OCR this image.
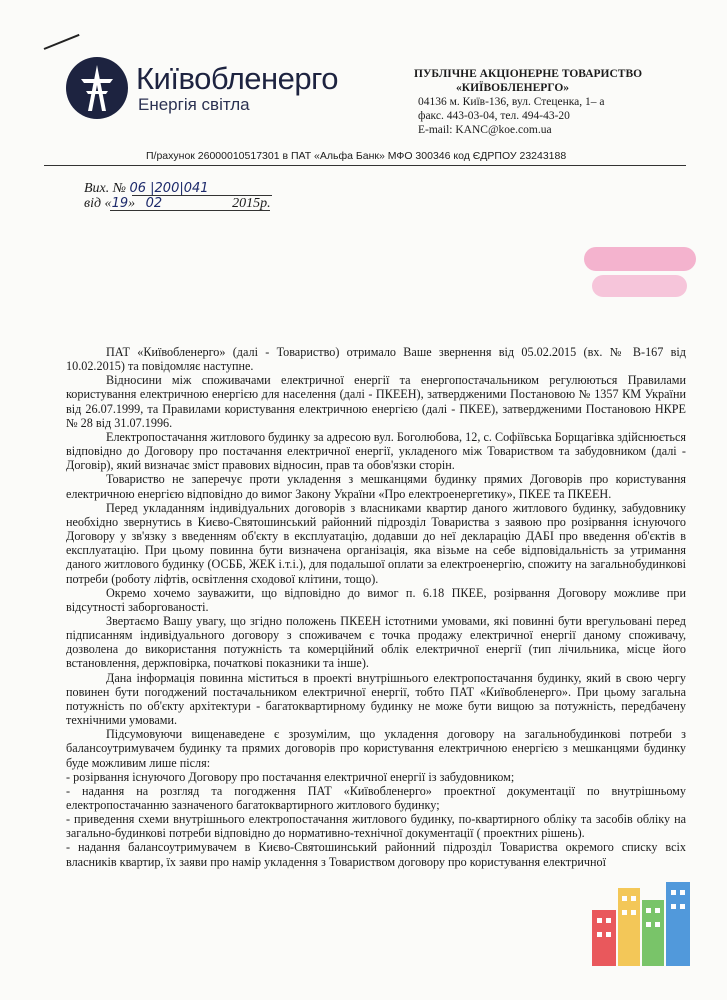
Київобленерго
Енергія світла
ПУБЛІЧНЕ АКЦІОНЕРНЕ ТОВАРИСТВО
«КИЇВОБЛЕНЕРГО»
04136 м. Київ-136, вул. Стеценка, 1– а
факс. 443-03-04, тел. 494-43-20
E-mail: KANC@koe.com.ua
П/рахунок 26000010517301 в ПАТ «Альфа Банк» МФО 300346 код ЄДРПОУ 23243188
Вих. № 06 |200|041
від «19» 02	2015р.

ПАТ «Київобленерго» (далі - Товариство) отримало Ваше звернення від 05.02.2015 (вх. № В-167 від 10.02.2015) та повідомляє наступне.

Відносини між споживачами електричної енергії та енергопостачальником регулюються Правилами користування електричною енергією для населення (далі - ПКЕЕН), затвердженими Постановою № 1357 КМ України від 26.07.1999, та Правилами користування електричною енергією (далі - ПКЕЕ), затвердженими Постановою НКРЕ № 28 від 31.07.1996.

Електропостачання житлового будинку за адресою вул. Боголюбова, 12, с. Софіївська Борщагівка здійснюється відповідно до Договору про постачання електричної енергії, укладеного між Товариством та забудовником (далі - Договір), який визначає зміст правових відносин, прав та обов'язки сторін.

Товариство не заперечує проти укладення з мешканцями будинку прямих Договорів про користування електричною енергією відповідно до вимог Закону України «Про електроенергетику», ПКЕЕ та ПКЕЕН.

Перед укладанням індивідуальних договорів з власниками квартир даного житлового будинку, забудовнику необхідно звернутись в Києво-Святошинський районний підрозділ Товариства з заявою про розірвання існуючого Договору у зв'язку з введенням об'єкту в експлуатацію, додавши до неї декларацію ДАБІ про введення об'єктів в експлуатацію. При цьому повинна бути визначена організація, яка візьме на себе відповідальність за утримання даного житлового будинку (ОСББ, ЖЕК і.т.і.), для подальшої оплати за електроенергію, спожиту на загальнобудинкові потреби (роботу ліфтів, освітлення сходової клітини, тощо).

Окремо хочемо зауважити, що відповідно до вимог п. 6.18 ПКЕЕ, розірвання Договору можливе при відсутності заборгованості.

Звертаємо Вашу увагу, що згідно положень ПКЕЕН істотними умовами, які повинні бути врегульовані перед підписанням індивідуального договору з споживачем є точка продажу електричної енергії даному споживачу, дозволена до використання потужність та комерційний облік електричної енергії (тип лічильника, місце його встановлення, держповірка, початкові показники та інше).

Дана інформація повинна міститься в проекті внутрішнього електропостачання будинку, який в свою чергу повинен бути погоджений постачальником електричної енергії, тобто ПАТ «Київобленерго». При цьому загальна потужність по об'єкту архітектури - багатоквартирному будинку не може бути вищою за потужність, передбачену технічними умовами.

Підсумовуючи вищенаведене є зрозумілим, що укладення договору на загальнобудинкові потреби з балансоутримувачем будинку та прямих договорів про користування електричною енергією з мешканцями будинку буде можливим лише після:

- розірвання існуючого Договору про постачання електричної енергії із забудовником;

- надання на розгляд та погодження ПАТ «Київобленерго» проектної документації по внутрішньому електропостачанню зазначеного багатоквартирного житлового будинку;

- приведення схеми внутрішнього електропостачання житлового будинку, по-квартирного обліку та засобів обліку на загально-будинкові потреби відповідно до нормативно-технічної документації ( проектних рішень).

- надання балансоутримувачем в Києво-Святошинський районний підрозділ Товариства окремого списку всіх власників квартир, їх заяви про намір укладення з Товариством договору про користування електричної
